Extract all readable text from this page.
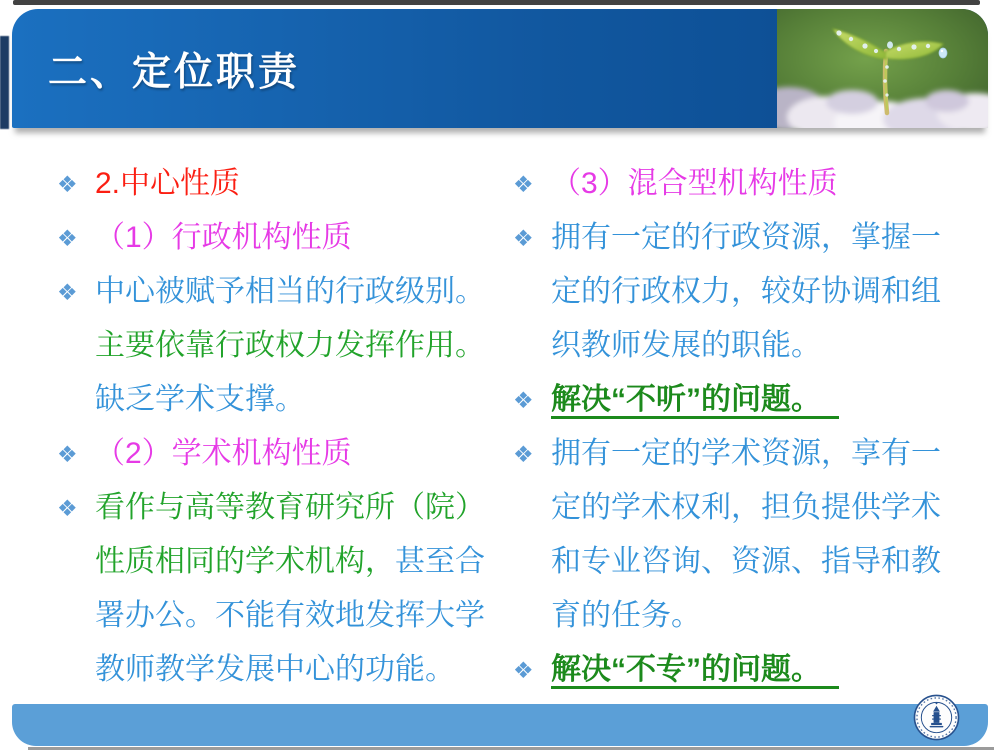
二、定位职责
❖ 2.中心性质
❖ （1）行政机构性质
❖ 中心被赋予相当的行政级别。主要依靠行政权力发挥作用。缺乏学术支撑。
❖ （2）学术机构性质
❖ 看作与高等教育研究所（院）性质相同的学术机构，甚至合署办公。不能有效地发挥大学教师教学发展中心的功能。
❖ （3）混合型机构性质
❖ 拥有一定的行政资源，掌握一定的行政权力，较好协调和组织教师发展的职能。
❖ 解决“不听”的问题。
❖ 拥有一定的学术资源，享有一定的学术权利，担负提供学术和专业咨询、资源、指导和教育的任务。
❖ 解决“不专”的问题。
